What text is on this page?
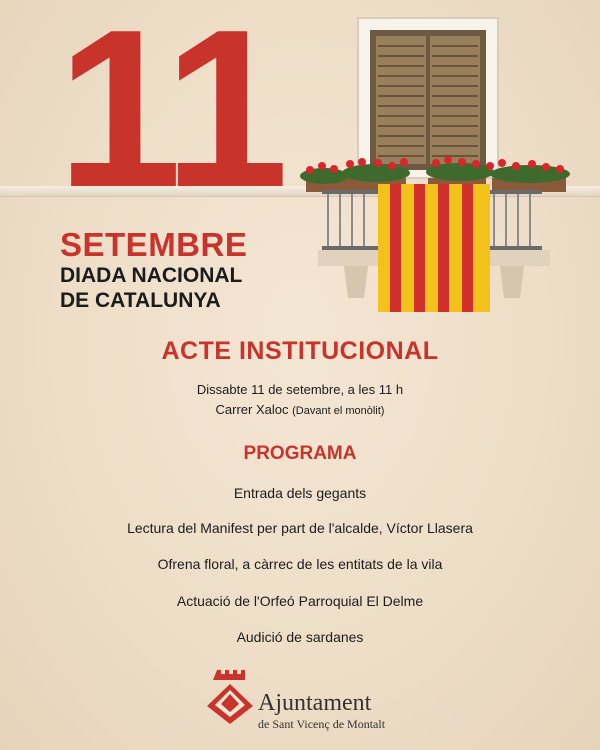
11
SETEMBRE
DIADA NACIONAL
DE CATALUNYA
ACTE INSTITUCIONAL

Dissabte 11 de setembre, a les 11 h

Carrer Xaloc (Davant el monòlit)

PROGRAMA

Entrada dels gegants

Lectura del Manifest per part de l'alcalde, Víctor Llasera

Ofrena floral, a càrrec de les entitats de la vila

Actuació de l'Orfeó Parroquial El Delme

Audició de sardanes

Ajuntament

de Sant Vicenç de Montalt
